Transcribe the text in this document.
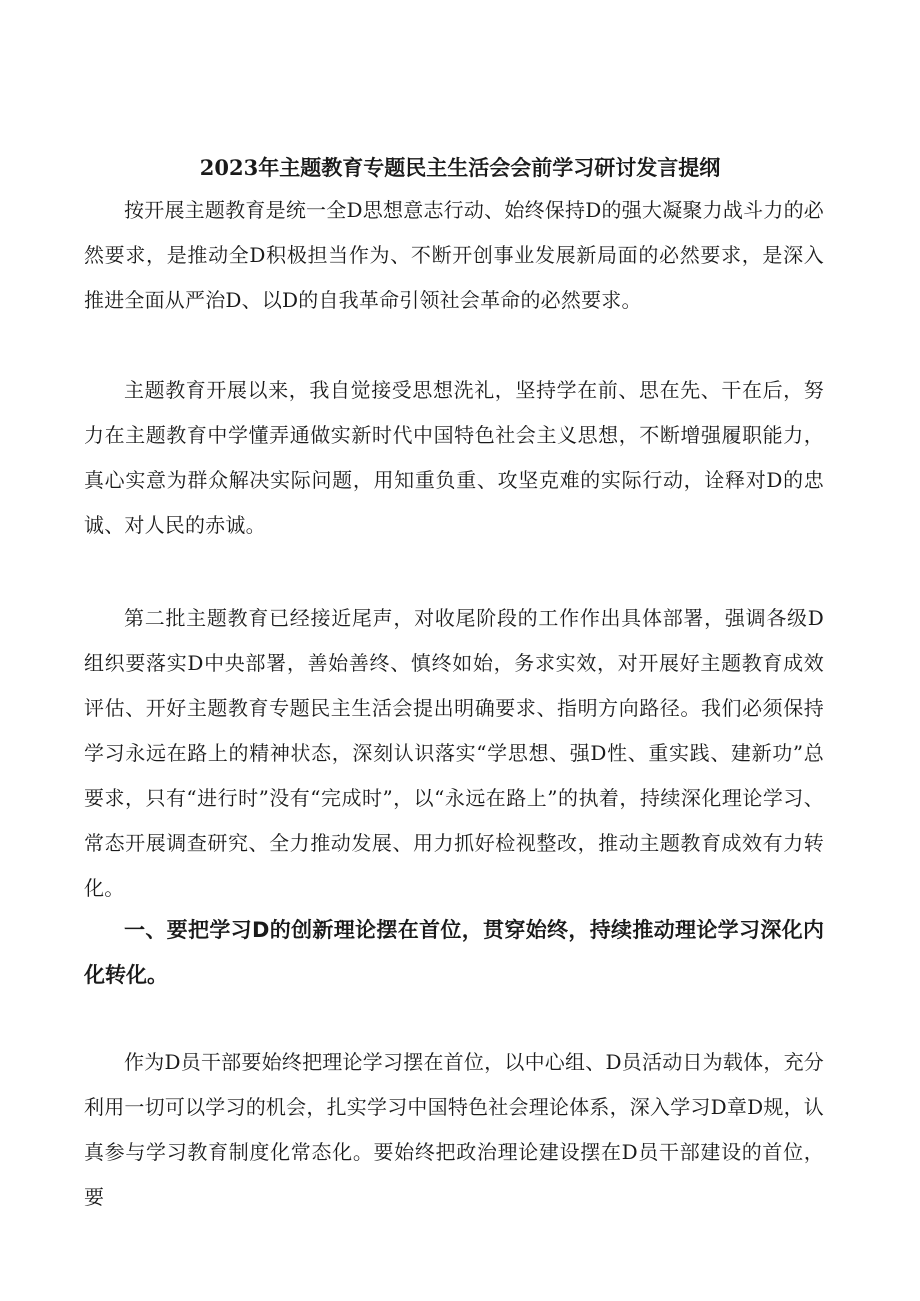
2023年主题教育专题民主生活会会前学习研讨发言提纲

按开展主题教育是统一全D思想意志行动、始终保持D的强大凝聚力战斗力的必然要求，是推动全D积极担当作为、不断开创事业发展新局面的必然要求，是深入推进全面从严治D、以D的自我革命引领社会革命的必然要求。

主题教育开展以来，我自觉接受思想洗礼，坚持学在前、思在先、干在后，努力在主题教育中学懂弄通做实新时代中国特色社会主义思想，不断增强履职能力，真心实意为群众解决实际问题，用知重负重、攻坚克难的实际行动，诠释对D的忠诚、对人民的赤诚。

第二批主题教育已经接近尾声，对收尾阶段的工作作出具体部署，强调各级D组织要落实D中央部署，善始善终、慎终如始，务求实效，对开展好主题教育成效评估、开好主题教育专题民主生活会提出明确要求、指明方向路径。我们必须保持学习永远在路上的精神状态，深刻认识落实“学思想、强D性、重实践、建新功”总要求，只有“进行时”没有“完成时”，以“永远在路上”的执着，持续深化理论学习、常态开展调查研究、全力推动发展、用力抓好检视整改，推动主题教育成效有力转化。

一、要把学习D的创新理论摆在首位，贯穿始终，持续推动理论学习深化内化转化。

作为D员干部要始终把理论学习摆在首位，以中心组、D员活动日为载体，充分利用一切可以学习的机会，扎实学习中国特色社会理论体系，深入学习D章D规，认真参与学习教育制度化常态化。要始终把政治理论建设摆在D员干部建设的首位，要
